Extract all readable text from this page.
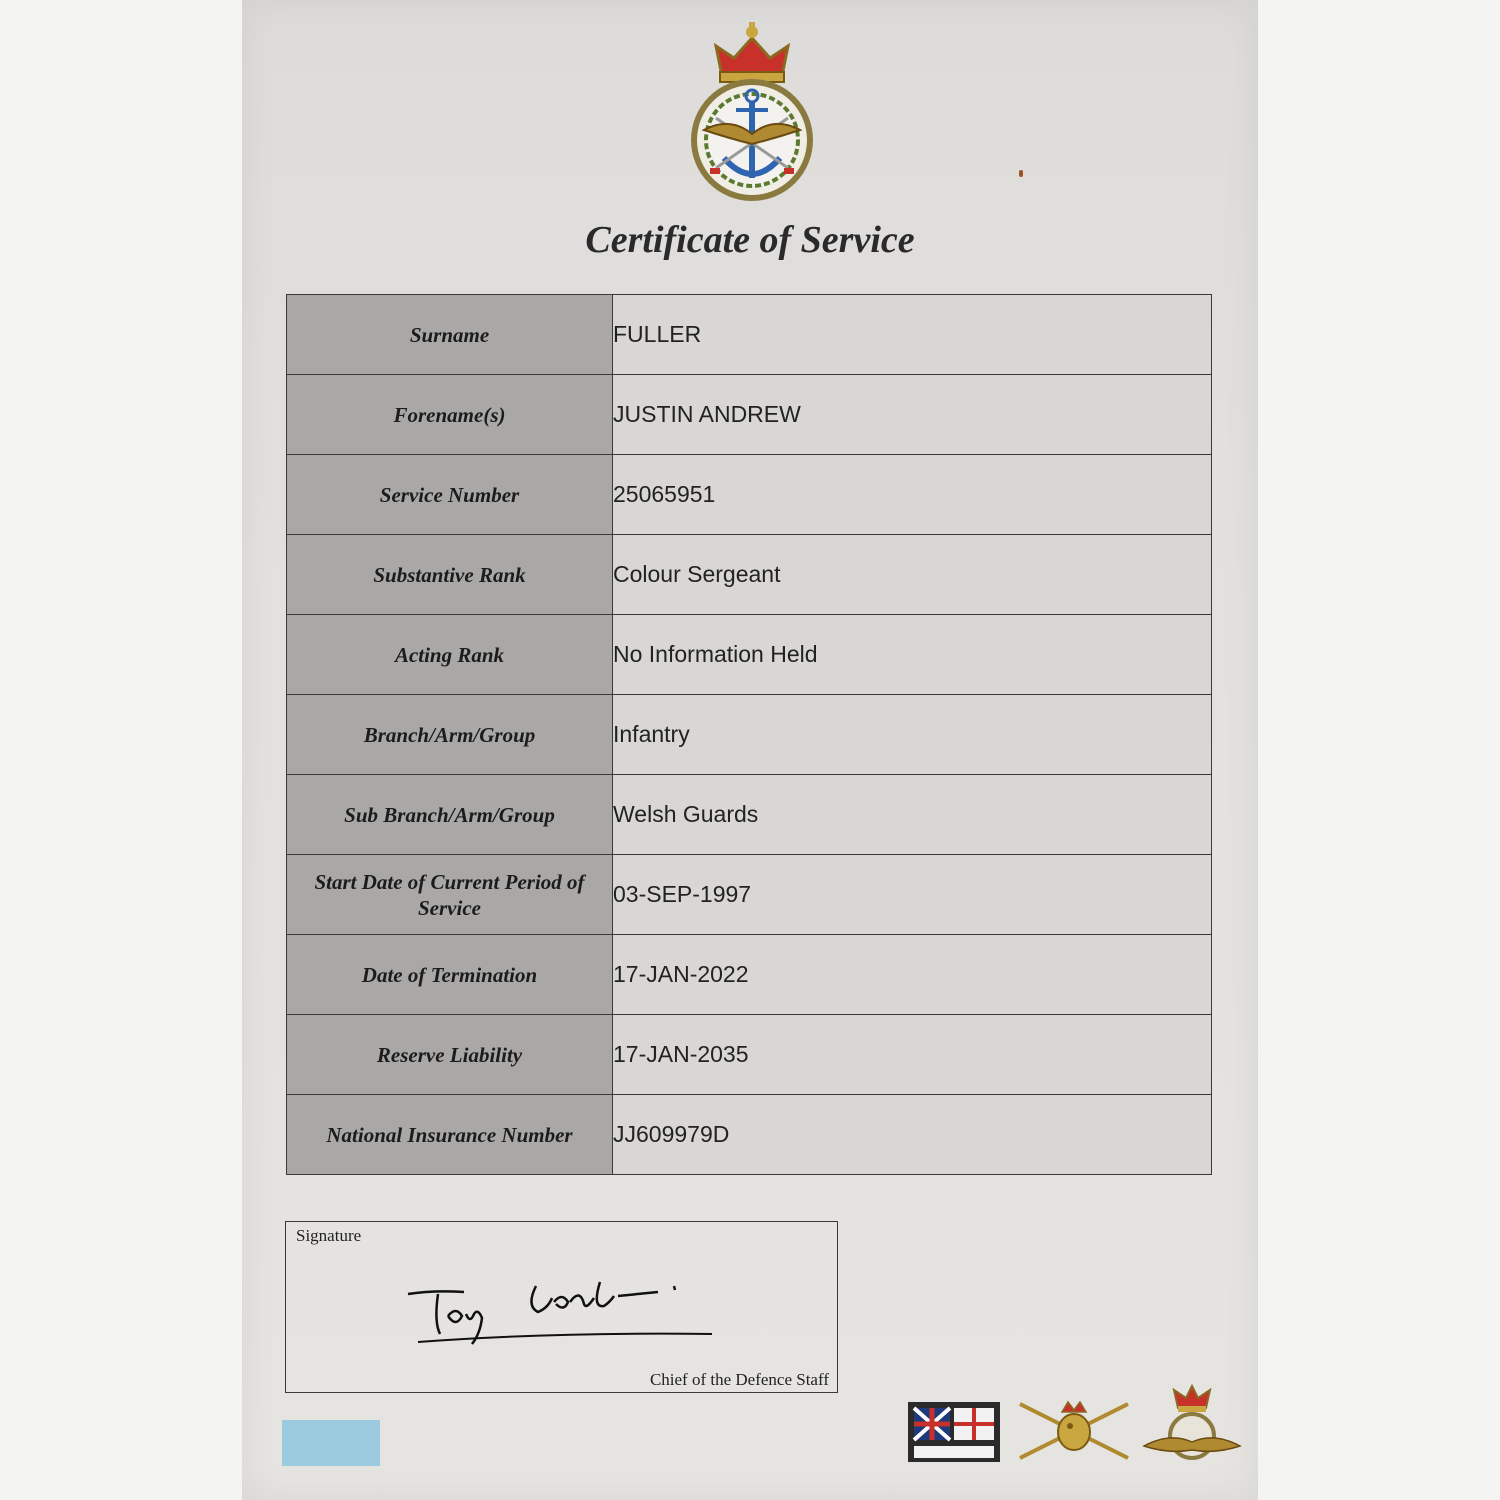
Certificate of Service
Surname	FULLER
Forename(s)	JUSTIN ANDREW
Service Number	25065951
Substantive Rank	Colour Sergeant
Acting Rank	No Information Held
Branch/Arm/Group	Infantry
Sub Branch/Arm/Group	Welsh Guards
Start Date of Current Period of Service	03-SEP-1997
Date of Termination	17-JAN-2022
Reserve Liability	17-JAN-2035
National Insurance Number	JJ609979D
Signature
Chief of the Defence Staff
